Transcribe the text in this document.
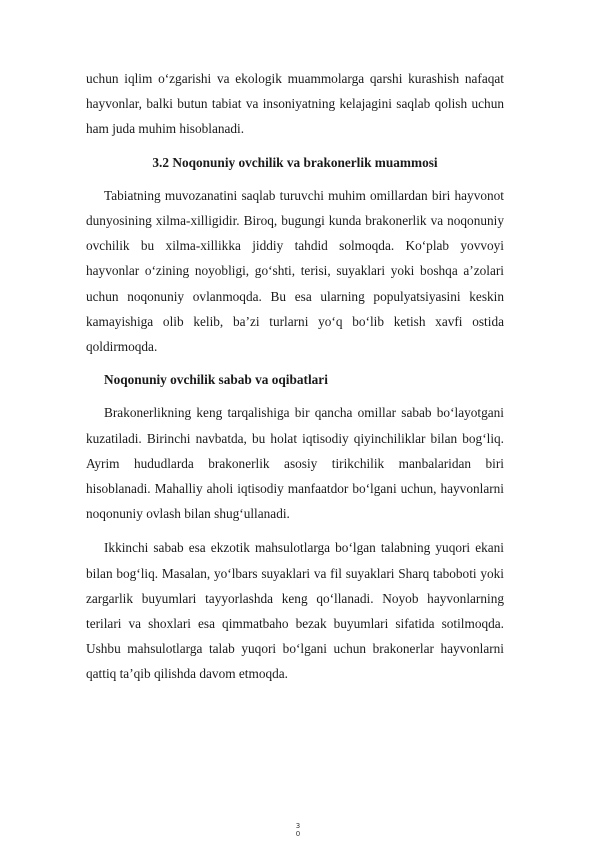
uchun iqlim o‘zgarishi va ekologik muammolarga qarshi kurashish nafaqat hayvonlar, balki butun tabiat va insoniyatning kelajagini saqlab qolish uchun ham juda muhim hisoblanadi.

3.2 Noqonuniy ovchilik va brakonerlik muammosi

Tabiatning muvozanatini saqlab turuvchi muhim omillardan biri hayvonot dunyosining xilma-xilligidir. Biroq, bugungi kunda brakonerlik va noqonuniy ovchilik bu xilma-xillikka jiddiy tahdid solmoqda. Ko‘plab yovvoyi hayvonlar o‘zining noyobligi, go‘shti, terisi, suyaklari yoki boshqa a’zolari uchun noqonuniy ovlanmoqda. Bu esa ularning populyatsiyasini keskin kamayishiga olib kelib, ba’zi turlarni yo‘q bo‘lib ketish xavfi ostida qoldirmoqda.

Noqonuniy ovchilik sabab va oqibatlari

Brakonerlikning keng tarqalishiga bir qancha omillar sabab bo‘layotgani kuzatiladi. Birinchi navbatda, bu holat iqtisodiy qiyinchiliklar bilan bog‘liq. Ayrim hududlarda brakonerlik asosiy tirikchilik manbalaridan biri hisoblanadi. Mahalliy aholi iqtisodiy manfaatdor bo‘lgani uchun, hayvonlarni noqonuniy ovlash bilan shug‘ullanadi.

Ikkinchi sabab esa ekzotik mahsulotlarga bo‘lgan talabning yuqori ekani bilan bog‘liq. Masalan, yo‘lbars suyaklari va fil suyaklari Sharq taboboti yoki zargarlik buyumlari tayyorlashda keng qo‘llanadi. Noyob hayvonlarning terilari va shoxlari esa qimmatbaho bezak buyumlari sifatida sotilmoqda. Ushbu mahsulotlarga talab yuqori bo‘lgani uchun brakonerlar hayvonlarni qattiq ta’qib qilishda davom etmoqda.

3
0
